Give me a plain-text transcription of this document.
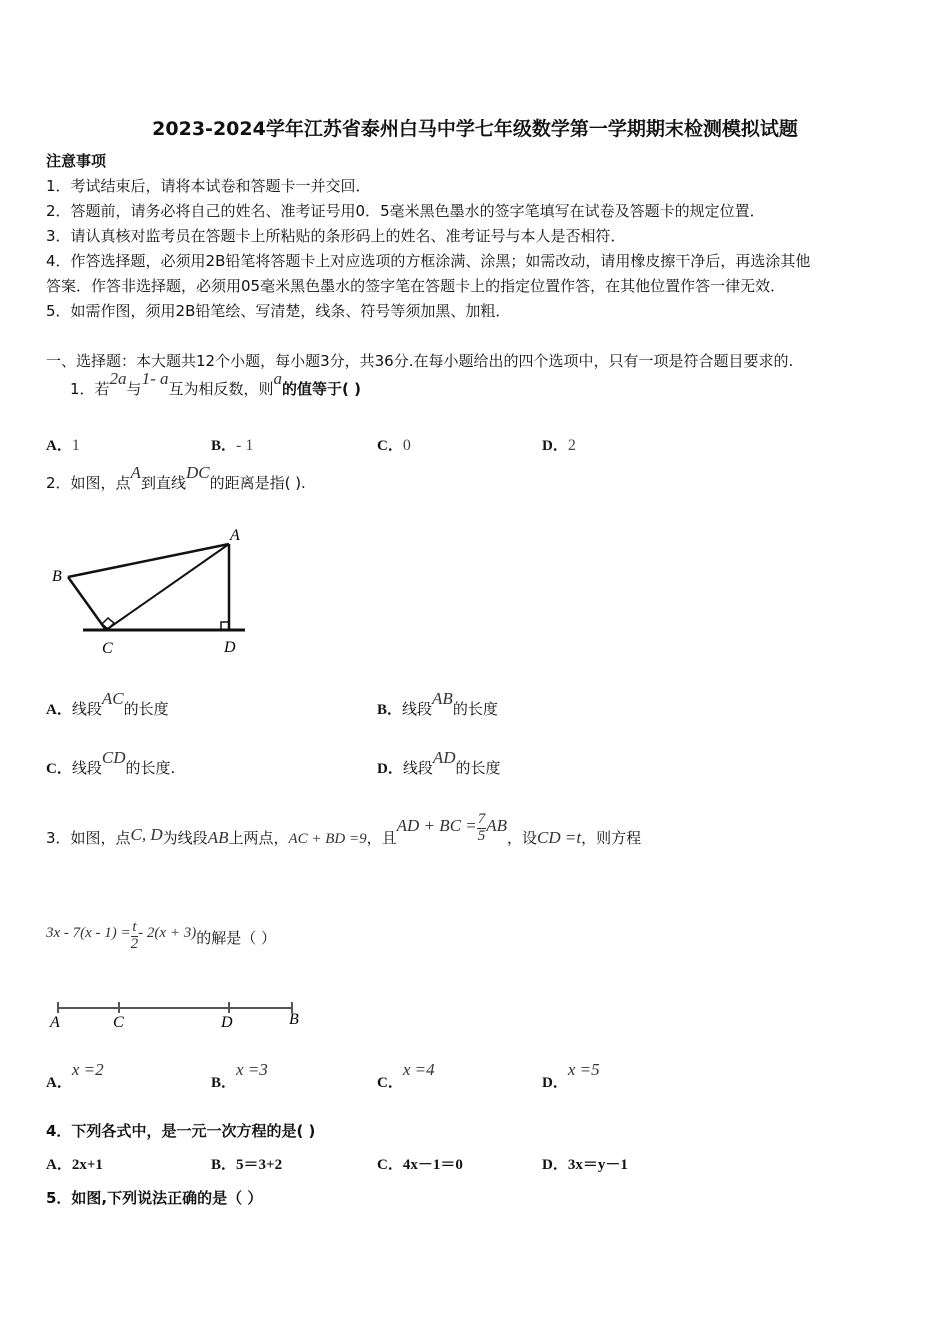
2023-2024学年江苏省泰州白马中学七年级数学第一学期期末检测模拟试题
注意事项
1．考试结束后，请将本试卷和答题卡一并交回．
2．答题前，请务必将自己的姓名、准考证号用0．5毫米黑色墨水的签字笔填写在试卷及答题卡的规定位置．
3．请认真核对监考员在答题卡上所粘贴的条形码上的姓名、准考证号与本人是否相符．
4．作答选择题，必须用2B铅笔将答题卡上对应选项的方框涂满、涂黑；如需改动，请用橡皮擦干净后，再选涂其他
答案．作答非选择题，必须用05毫米黑色墨水的签字笔在答题卡上的指定位置作答，在其他位置作答一律无效．
5．如需作图，须用2B铅笔绘、写清楚，线条、符号等须加黑、加粗．
一、选择题：本大题共12个小题，每小题3分，共36分.在每小题给出的四个选项中，只有一项是符合题目要求的.
1．若2a与1- a互为相反数，则a的值等于( )
A．1	B．- 1	C．0	D．2
2．如图，点A到直线DC的距离是指( ).
A
B
C	D
A．线段AC的长度	B．线段AB的长度
C．线段CD的长度.	D．线段AD的长度
3．如图，点C, D为线段AB上两点，AC + BD =9，且AD + BC = $\frac{7}{5}$ AB，设CD =t，则方程
$3x - 7(x - 1) = \frac{t}{2} - 2(x + 3)$的解是（ ）
A	C	D	B
A．x =2
B．x =3
C．x =4
D．x =5
4．下列各式中，是一元一次方程的是( )
A．2x+1	B．5＝3+2	C．4x－1＝0	D．3x＝y－1
5．如图,下列说法正确的是（ ）
